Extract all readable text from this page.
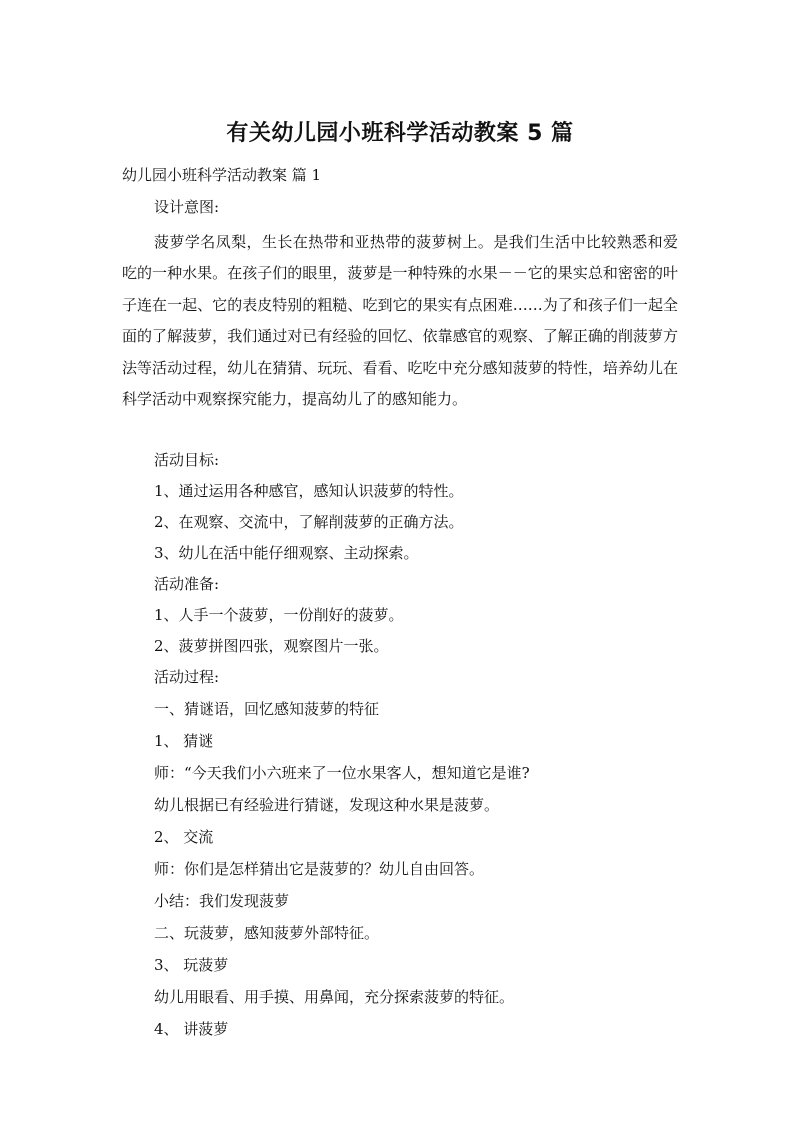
有关幼儿园小班科学活动教案 5 篇
幼儿园小班科学活动教案 篇 1
设计意图:
菠萝学名凤梨，生长在热带和亚热带的菠萝树上。是我们生活中比较熟悉和爱吃的一种水果。在孩子们的眼里，菠萝是一种特殊的水果－－它的果实总和密密的叶子连在一起、它的表皮特别的粗糙、吃到它的果实有点困难……为了和孩子们一起全面的了解菠萝，我们通过对已有经验的回忆、依靠感官的观察、了解正确的削菠萝方法等活动过程，幼儿在猜猜、玩玩、看看、吃吃中充分感知菠萝的特性，培养幼儿在科学活动中观察探究能力，提高幼儿了的感知能力。
活动目标:
1、通过运用各种感官，感知认识菠萝的特性。
2、在观察、交流中，了解削菠萝的正确方法。
3、幼儿在活中能仔细观察、主动探索。
活动准备:
1、人手一个菠萝，一份削好的菠萝。
2、菠萝拼图四张，观察图片一张。
活动过程:
一、猜谜语，回忆感知菠萝的特征
1、 猜谜
师：“今天我们小六班来了一位水果客人，想知道它是谁?
幼儿根据已有经验进行猜谜，发现这种水果是菠萝。
2、 交流
师：你们是怎样猜出它是菠萝的？幼儿自由回答。
小结：我们发现菠萝
二、玩菠萝，感知菠萝外部特征。
3、 玩菠萝
幼儿用眼看、用手摸、用鼻闻，充分探索菠萝的特征。
4、 讲菠萝
